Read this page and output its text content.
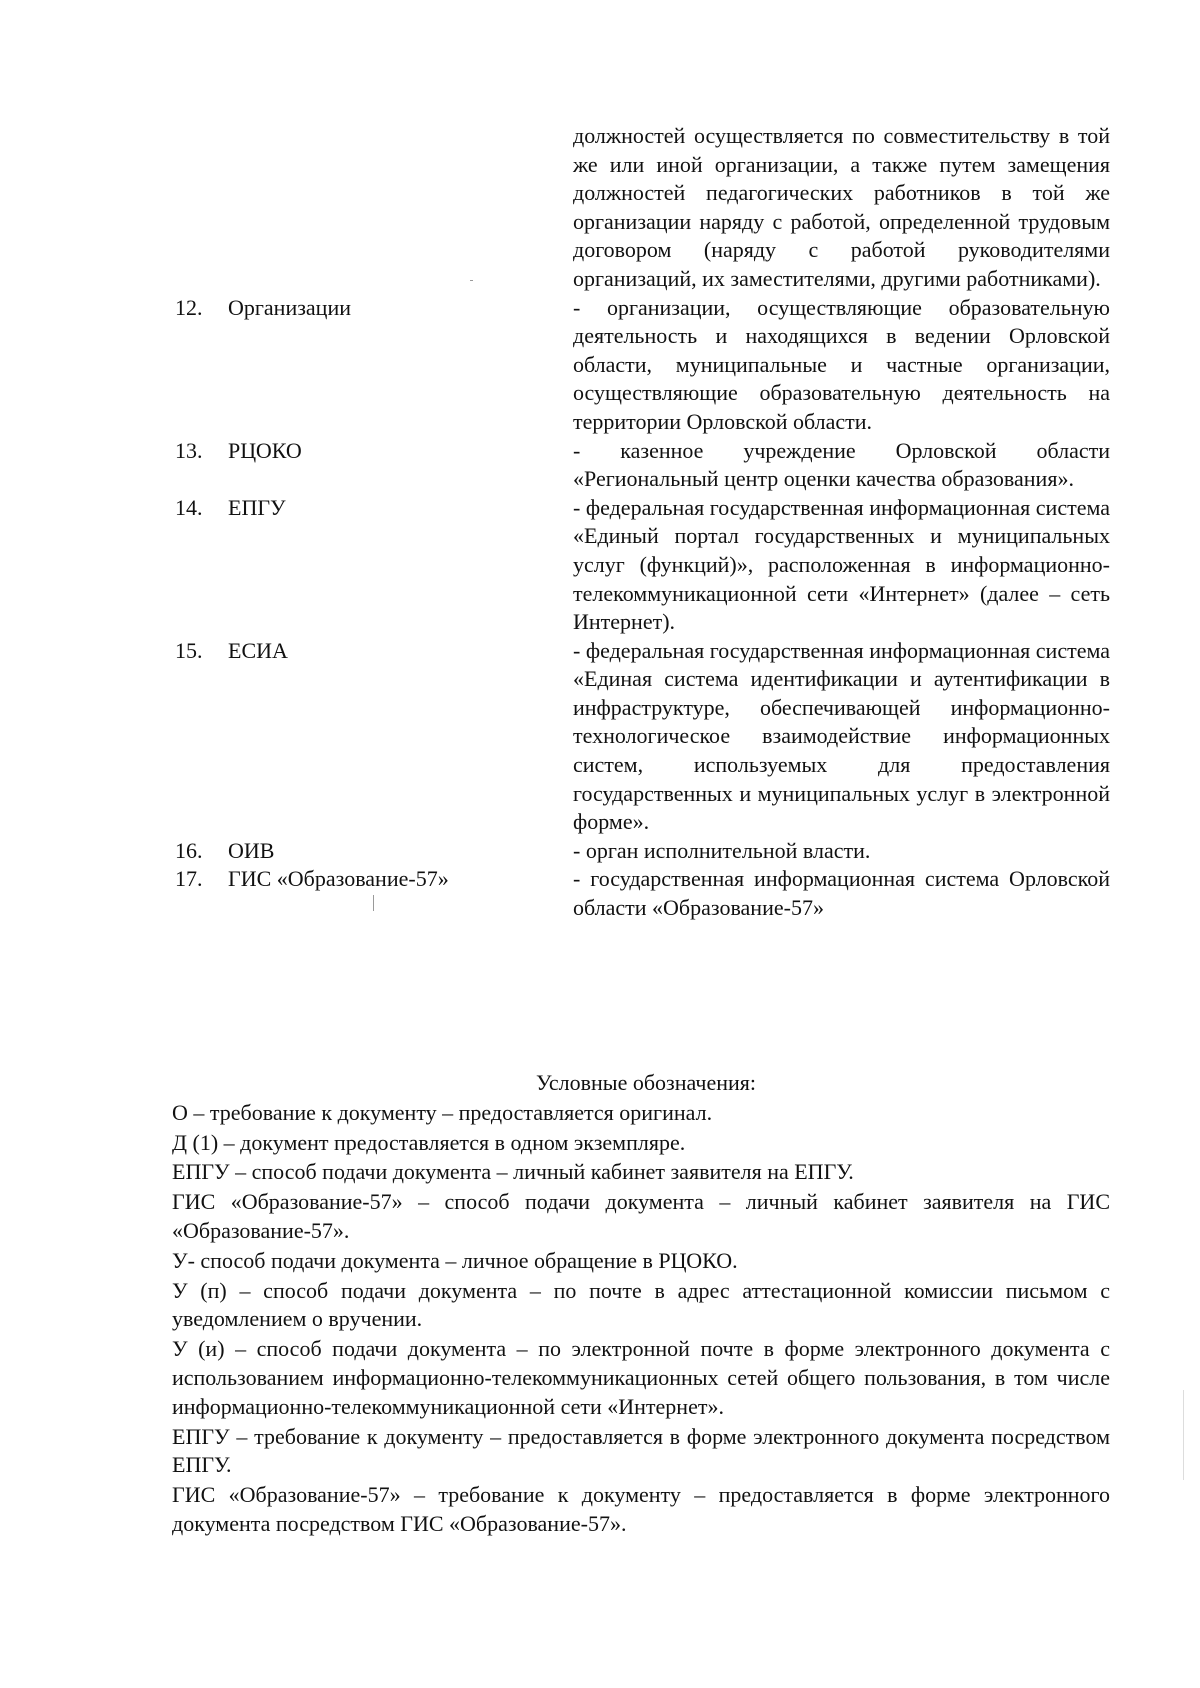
должностей осуществляется по совместительству в той же или иной организации, а также путем замещения должностей педагогических работников в той же организации наряду с работой, определенной трудовым договором (наряду с работой руководителями организаций, их заместителями, другими работниками).
12.	Организации	- организации, осуществляющие образовательную деятельность и находящихся в ведении Орловской области, муниципальные и частные организации, осуществляющие образовательную деятельность на территории Орловской области.
13.	РЦОКО	- казенное учреждение Орловской области «Региональный центр оценки качества образования».
14.	ЕПГУ	- федеральная государственная информационная система «Единый портал государственных и муниципальных услуг (функций)», расположенная в информационно-телекоммуникационной сети «Интернет» (далее – сеть Интернет).
15.	ЕСИА	- федеральная государственная информационная система «Единая система идентификации и аутентификации в инфраструктуре, обеспечивающей информационно-технологическое взаимодействие информационных систем, используемых для предоставления государственных и муниципальных услуг в электронной форме».
16.	ОИВ	- орган исполнительной власти.
17.	ГИС «Образование-57»	- государственная информационная система Орловской области «Образование-57»
Условные обозначения:

О – требование к документу – предоставляется оригинал.

Д (1) – документ предоставляется в одном экземпляре.

ЕПГУ – способ подачи документа – личный кабинет заявителя на ЕПГУ.

ГИС «Образование-57» – способ подачи документа – личный кабинет заявителя на ГИС «Образование-57».

У- способ подачи документа – личное обращение в РЦОКО.

У (п) – способ подачи документа – по почте в адрес аттестационной комиссии письмом с уведомлением о вручении.

У (и) – способ подачи документа – по электронной почте в форме электронного документа с использованием информационно-телекоммуникационных сетей общего пользования, в том числе информационно-телекоммуникационной сети «Интернет».

ЕПГУ – требование к документу – предоставляется в форме электронного документа посредством ЕПГУ.

ГИС «Образование-57» – требование к документу – предоставляется в форме электронного документа посредством ГИС «Образование-57».
